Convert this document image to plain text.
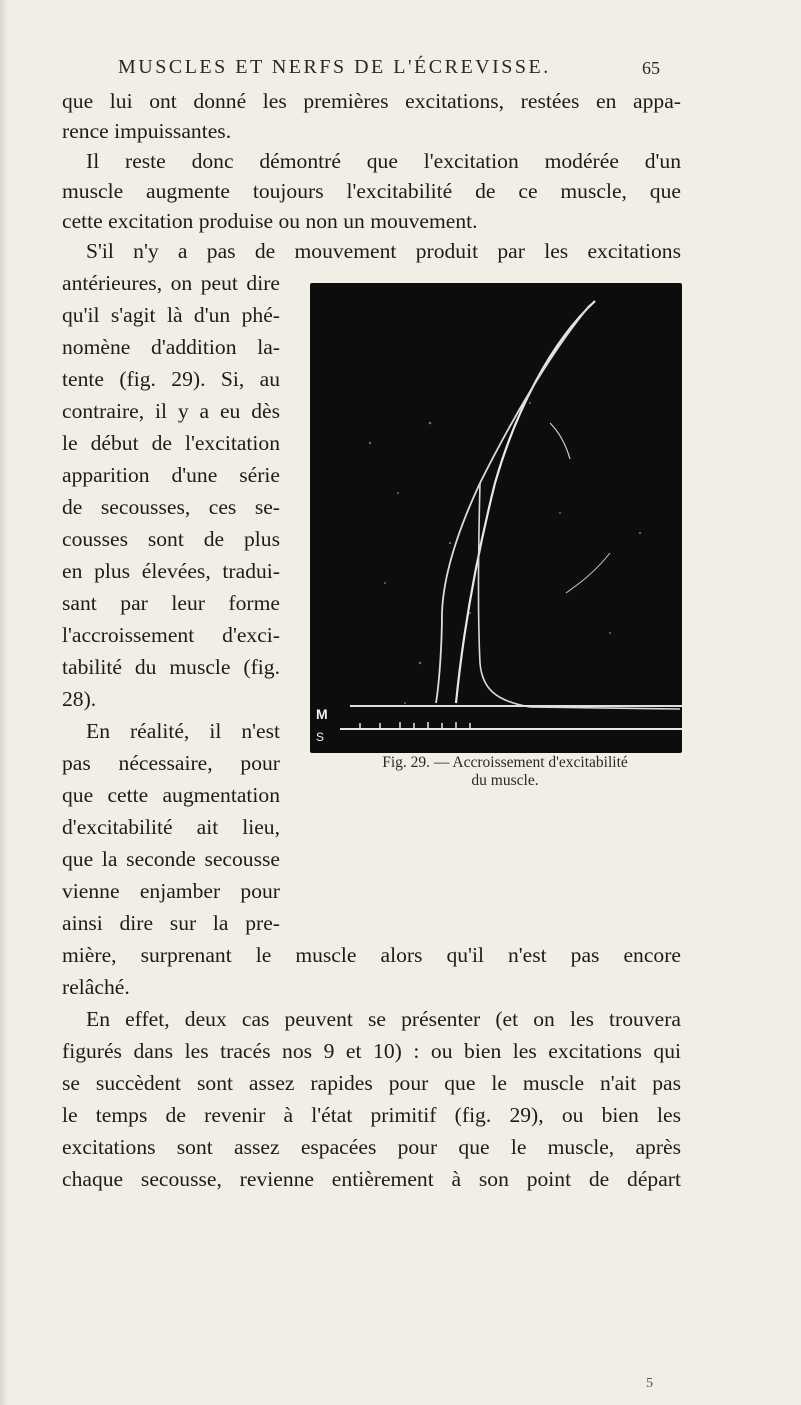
MUSCLES ET NERFS DE L'ÉCREVISSE.	65
que lui ont donné les premières excitations, restées en appa-
rence impuissantes.
Il reste donc démontré que l'excitation modérée d'un
muscle augmente toujours l'excitabilité de ce muscle, que
cette excitation produise ou non un mouvement.
S'il n'y a pas de mouvement produit par les excitations
antérieures, on peut dire
qu'il s'agit là d'un phé-
nomène d'addition la-
tente (fig. 29). Si, au
contraire, il y a eu dès
le début de l'excitation
apparition d'une série
de secousses, ces se-
cousses sont de plus
en plus élevées, tradui-
sant par leur forme
l'accroissement d'exci-
tabilité du muscle (fig.
28).
En réalité, il n'est
pas nécessaire, pour
que cette augmentation
d'excitabilité ait lieu,
que la seconde secousse
vienne enjamber pour
ainsi dire sur la pre-
M
S
Fig. 29. — Accroissement d'excitabilité
du muscle.
mière, surprenant le muscle alors qu'il n'est pas encore
relâché.
En effet, deux cas peuvent se présenter (et on les trouvera
figurés dans les tracés nos 9 et 10) : ou bien les excitations qui
se succèdent sont assez rapides pour que le muscle n'ait pas
le temps de revenir à l'état primitif (fig. 29), ou bien les
excitations sont assez espacées pour que le muscle, après
chaque secousse, revienne entièrement à son point de départ
5
